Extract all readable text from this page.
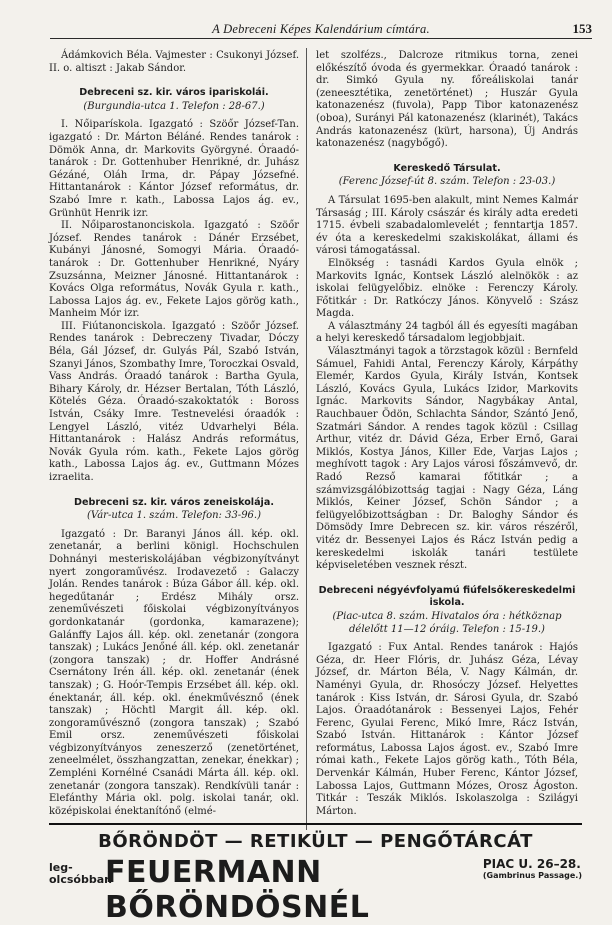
A Debreceni Képes Kalendárium címtára.	153

Ádámkovich Béla. Vajmester : Csukonyi József. II. o. altiszt : Jakab Sándor.

Debreceni sz. kir. város ipariskolái.

(Burgundia-utca 1. Telefon : 28-67.)

I. Nőiparískola. Igazgató : Szöőr József-Tan. igazgató : Dr. Márton Béláné. Rendes tanárok : Dömök Anna, dr. Markovits Györgyné. Óraadó-tanárok : Dr. Gottenhuber Henrikné, dr. Juhász Gézáné, Oláh Irma, dr. Pápay Józsefné. Hittantanárok : Kántor József református, dr. Szabó Imre r. kath., Labossa Lajos ág. ev., Grünhüt Henrik izr.

II. Nőiparostanonciskola. Igazgató : Szöőr József. Rendes tanárok : Dánér Erzsébet, Kubányi Jánosné, Somogyi Mária. Óraadó-tanárok : Dr. Gottenhuber Henrikné, Nyáry Zsuzsánna, Meizner Jánosné. Hittantanárok : Kovács Olga református, Novák Gyula r. kath., Labossa Lajos ág. ev., Fekete Lajos görög kath., Manheim Mór izr.

III. Fiútanonciskola. Igazgató : Szöőr József. Rendes tanárok : Debreczeny Tivadar, Dóczy Béla, Gál József, dr. Gulyás Pál, Szabó István, Szanyi János, Szombathy Imre, Toroczkai Osvald, Vass András. Óraadó tanárok : Bartha Gyula, Bihary Károly, dr. Hézser Bertalan, Tóth László, Kötelés Géza. Óraadó-szakoktatók : Boross István, Csáky Imre. Testnevelési óraadók : Lengyel László, vitéz Udvarhelyi Béla. Hittantanárok : Halász András református, Novák Gyula róm. kath., Fekete Lajos görög kath., Labossa Lajos ág. ev., Guttmann Mózes izraelita.

Debreceni sz. kir. város zeneiskolája.

(Vár-utca 1. szám. Telefon: 33-96.)

Igazgató : Dr. Baranyi János áll. kép. okl. zenetanár, a berlini königl. Hochschulen Dohnányi mesteriskolájában végbizonyítványt nyert zongoraművész. Irodavezető : Galaczy Jolán. Rendes tanárok : Búza Gábor áll. kép. okl. hegedűtanár ; Erdész Mihály orsz. zeneművészeti főiskolai végbizonyítványos gordonkatanár (gordonka, kamarazene); Galánffy Lajos áll. kép. okl. zenetanár (zongora tanszak) ; Lukács Jenőné áll. kép. okl. zenetanár (zongora tanszak) ; dr. Hoffer Andrásné Csernátony Irén áll. kép. okl. zenetanár (ének tanszak) ; G. Hoór-Tempis Erzsébet áll. kép. okl. énektanár, áll. kép. okl. énekművésznő (ének tanszak) ; Höchtl Margit áll. kép. okl. zongoraművésznő (zongora tanszak) ; Szabó Emil orsz. zeneművészeti főiskolai végbizonyítványos zeneszerző (zenetörténet, zeneelmélet, összhangzattan, zenekar, énekkar) ; Zempléni Kornélné Csanádi Márta áll. kép. okl. zenetanár (zongora tanszak). Rendkívüli tanár : Elefánthy Mária okl. polg. iskolai tanár, okl. középiskolai énektanítónő (elmé-

let szolfézs., Dalcroze ritmikus torna, zenei előkészítő óvoda és gyermekkar. Óraadó tanárok : dr. Simkó Gyula ny. főreáliskolai tanár (zeneesztétika, zenetörténet) ; Huszár Gyula katonazenész (fuvola), Papp Tibor katonazenész (oboa), Surányi Pál katonazenész (klarinét), Takács András katonazenész (kürt, harsona), Új András katonazenész (nagybőgő).

Kereskedő Társulat.

(Ferenc József-út 8. szám. Telefon : 23-03.)

A Társulat 1695-ben alakult, mint Nemes Kalmár Társaság ; III. Károly császár és király adta eredeti 1715. évbeli szabadalomlevelét ; fenntartja 1857. év óta a kereskedelmi szakiskolákat, állami és városi támogatással.

Elnökség : tasnádi Kardos Gyula elnök ; Markovits Ignác, Kontsek László alelnökök : az iskolai felügyelőbiz. elnöke : Ferenczy Károly. Főtitkár : Dr. Ratkóczy János. Könyvelő : Szász Magda.

A választmány 24 tagból áll és egyesíti magában a helyi kereskedő társadalom legjobbjait.

Választmányi tagok a törzstagok közül : Bernfeld Sámuel, Fahidi Antal, Ferenczy Károly, Kárpáthy Elemér, Kardos Gyula, Király István, Kontsek László, Kovács Gyula, Lukács Izidor, Markovits Ignác. Markovits Sándor, Nagybákay Antal, Rauchbauer Ödön, Schlachta Sándor, Szántó Jenő, Szatmári Sándor. A rendes tagok közül : Csillag Arthur, vitéz dr. Dávid Géza, Erber Ernő, Garai Miklós, Kostya János, Killer Ede, Varjas Lajos ; meghívott tagok : Ary Lajos városi főszámvevő, dr. Radó Rezső kamarai főtitkár ; a számvizsgálóbizottság tagjai : Nagy Géza, Láng Miklós, Keiner József, Schön Sándor ; a felügyelőbizottságban : Dr. Baloghy Sándor és Dömsödy Imre Debrecen sz. kir. város részéről, vitéz dr. Bessenyei Lajos és Rácz István pedig a kereskedelmi iskolák tanári testülete képviseletében vesznek részt.

Debreceni négyévfolyamú fiúfelsőkereskedelmi iskola.

(Piac-utca 8. szám. Hivatalos óra : hétköznap délelőtt 11—12 óráig. Telefon : 15-19.)

Igazgató : Fux Antal. Rendes tanárok : Hajós Géza, dr. Heer Flóris, dr. Juhász Géza, Lévay József, dr. Márton Béla, V. Nagy Kálmán, dr. Naményi Gyula, dr. Rhosóczy József. Helyettes tanárok : Kiss István, dr. Sárosi Gyula, dr. Szabó Lajos. Óraadótanárok : Bessenyei Lajos, Fehér Ferenc, Gyulai Ferenc, Mikó Imre, Rácz István, Szabó István. Hittanárok : Kántor József református, Labossa Lajos ágost. ev., Szabó Imre római kath., Fekete Lajos görög kath., Tóth Béla, Dervenkár Kálmán, Huber Ferenc, Kántor József, Labossa Lajos, Guttmann Mózes, Orosz Ágoston. Titkár : Teszák Miklós. Iskolaszolga : Szilágyi Márton.

BŐRÖNDÖT — RETIKÜLT — PENGŐTÁRCÁT
leg-
olcsóbban
FEUERMANN BŐRÖNDÖSNÉL
PIAC U. 26–28.
(Gambrinus Passage.)
